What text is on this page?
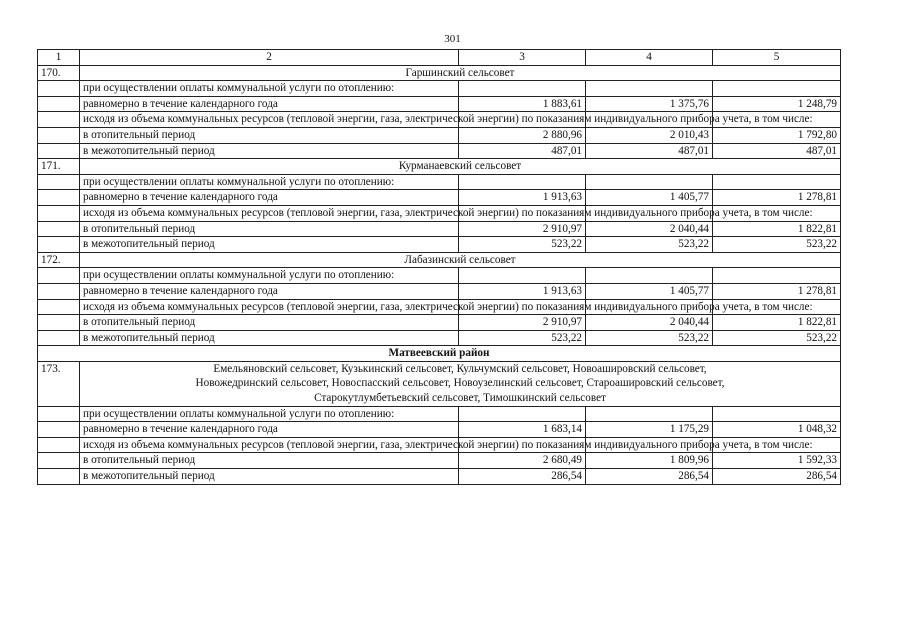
301
1	2	3	4	5
170.	Гаршинский сельсовет			
	при осуществлении оплаты коммунальной услуги по отоплению:			
	равномерно в течение календарного года	1 883,61	1 375,76	1 248,79
	исходя из объема коммунальных ресурсов (тепловой энергии, газа, электрической энергии) по показаниям индивидуального прибора учета, в том числе:			
	в отопительный период	2 880,96	2 010,43	1 792,80
	в межотопительный период	487,01	487,01	487,01
171.	Курманаевский сельсовет			
	при осуществлении оплаты коммунальной услуги по отоплению:			
	равномерно в течение календарного года	1 913,63	1 405,77	1 278,81
	исходя из объема коммунальных ресурсов (тепловой энергии, газа, электрической энергии) по показаниям индивидуального прибора учета, в том числе:			
	в отопительный период	2 910,97	2 040,44	1 822,81
	в межотопительный период	523,22	523,22	523,22
172.	Лабазинский сельсовет			
	при осуществлении оплаты коммунальной услуги по отоплению:			
	равномерно в течение календарного года	1 913,63	1 405,77	1 278,81
	исходя из объема коммунальных ресурсов (тепловой энергии, газа, электрической энергии) по показаниям индивидуального прибора учета, в том числе:			
	в отопительный период	2 910,97	2 040,44	1 822,81
	в межотопительный период	523,22	523,22	523,22
Матвеевский район				
173.	Емельяновский сельсовет, Кузькинский сельсовет, Кульчумский сельсовет, Новоашировский сельсовет,
Новожедринский сельсовет, Новоспасский сельсовет, Новоузелинский сельсовет, Староашировский сельсовет,
Старокутлумбетьевский сельсовет, Тимошкинский сельсовет			

	при осуществлении оплаты коммунальной услуги по отоплению:			
	равномерно в течение календарного года	1 683,14	1 175,29	1 048,32
	исходя из объема коммунальных ресурсов (тепловой энергии, газа, электрической энергии) по показаниям индивидуального прибора учета, в том числе:			
	в отопительный период	2 680,49	1 809,96	1 592,33
	в межотопительный период	286,54	286,54	286,54
